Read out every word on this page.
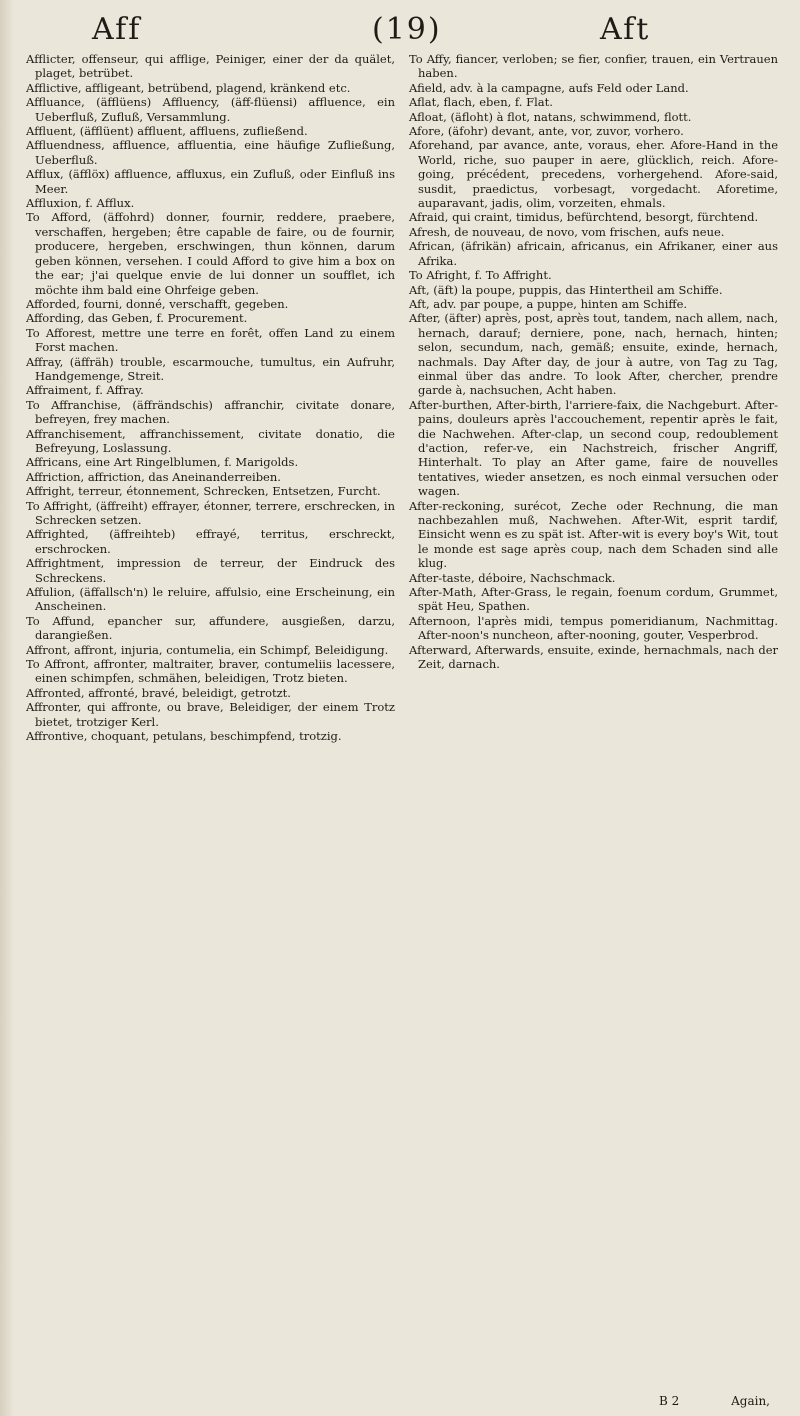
Aff	(19)	Aft

Afflicter, offenseur, qui afflige, Peiniger, einer der da quälet, plaget, betrübet.

Afflictive, affligeant, betrübend, plagend, kränkend etc.

Affluance, (äfflüens) Affluency, (äff-flüensi) affluence, ein Ueberfluß, Zufluß, Versammlung.

Affluent, (äfflüent) affluent, affluens, zufließend.

Affluendness, affluence, affluentia, eine häufige Zufließung, Ueberfluß.

Afflux, (äfflöx) affluence, affluxus, ein Zufluß, oder Einfluß ins Meer.

Affluxion, f. Afflux.

To Afford, (äffohrd) donner, fournir, reddere, praebere, verschaffen, hergeben; être capable de faire, ou de fournir, producere, hergeben, erschwingen, thun können, darum geben können, versehen. I could Afford to give him a box on the ear; j'ai quelque envie de lui donner un soufflet, ich möchte ihm bald eine Ohrfeige geben.

Afforded, fourni, donné, verschafft, gegeben.

Affording, das Geben, f. Procurement.

To Afforest, mettre une terre en forêt, offen Land zu einem Forst machen.

Affray, (äffräh) trouble, escarmouche, tumultus, ein Aufruhr, Handgemenge, Streit.

Affraiment, f. Affray.

To Affranchise, (äffrändschis) affranchir, civitate donare, befreyen, frey machen.

Affranchisement, affranchissement, civitate donatio, die Befreyung, Loslassung.

Affricans, eine Art Ringelblumen, f. Marigolds.

Affriction, affriction, das Aneinanderreiben.

Affright, terreur, étonnement, Schrecken, Entsetzen, Furcht.

To Affright, (äffreiht) effrayer, étonner, terrere, erschrecken, in Schrecken setzen.

Affrighted, (äffreihteb) effrayé, territus, erschreckt, erschrocken.

Affrightment, impression de terreur, der Eindruck des Schreckens.

Affulion, (äffallsch'n) le reluire, affulsio, eine Erscheinung, ein Anscheinen.

To Affund, epancher sur, affundere, ausgießen, darzu, darangießen.

Affront, affront, injuria, contumelia, ein Schimpf, Beleidigung.

To Affront, affronter, maltraiter, braver, contumeliis lacessere, einen schimpfen, schmähen, beleidigen, Trotz bieten.

Affronted, affronté, bravé, beleidigt, getrotzt.

Affronter, qui affronte, ou brave, Beleidiger, der einem Trotz bietet, trotziger Kerl.

Affrontive, choquant, petulans, beschimpfend, trotzig.

To Affy, fiancer, verloben; se fier, confier, trauen, ein Vertrauen haben.

Afield, adv. à la campagne, aufs Feld oder Land.

Aflat, flach, eben, f. Flat.

Afloat, (äfloht) à flot, natans, schwimmend, flott.

Afore, (äfohr) devant, ante, vor, zuvor, vorhero.

Aforehand, par avance, ante, voraus, eher. Afore-Hand in the World, riche, suo pauper in aere, glücklich, reich. Afore-going, précédent, precedens, vorhergehend. Afore-said, susdit, praedictus, vorbesagt, vorgedacht. Aforetime, auparavant, jadis, olim, vorzeiten, ehmals.

Afraid, qui craint, timidus, befürchtend, besorgt, fürchtend.

Afresh, de nouveau, de novo, vom frischen, aufs neue.

African, (äfrikän) africain, africanus, ein Afrikaner, einer aus Afrika.

To Afright, f. To Affright.

Aft, (äft) la poupe, puppis, das Hintertheil am Schiffe.

Aft, adv. par poupe, a puppe, hinten am Schiffe.

After, (äfter) après, post, après tout, tandem, nach allem, nach, hernach, darauf; derniere, pone, nach, hernach, hinten; selon, secundum, nach, gemäß; ensuite, exinde, hernach, nachmals. Day After day, de jour à autre, von Tag zu Tag, einmal über das andre. To look After, chercher, prendre garde à, nachsuchen, Acht haben.

After-burthen, After-birth, l'arriere-faix, die Nachgeburt. After-pains, douleurs après l'accouchement, repentir après le fait, die Nachwehen. After-clap, un second coup, redoublement d'action, refer-ve, ein Nachstreich, frischer Angriff, Hinterhalt. To play an After game, faire de nouvelles tentatives, wieder ansetzen, es noch einmal versuchen oder wagen.

After-reckoning, surécot, Zeche oder Rechnung, die man nachbezahlen muß, Nachwehen. After-Wit, esprit tardif, Einsicht wenn es zu spät ist. After-wit is every boy's Wit, tout le monde est sage après coup, nach dem Schaden sind alle klug.

After-taste, déboire, Nachschmack.

After-Math, After-Grass, le regain, foenum cordum, Grummet, spät Heu, Spathen.

Afternoon, l'après midi, tempus pomeridianum, Nachmittag. After-noon's nuncheon, after-nooning, gouter, Vesperbrod.

Afterward, Afterwards, ensuite, exinde, hernachmals, nach der Zeit, darnach.

B 2	Again,
